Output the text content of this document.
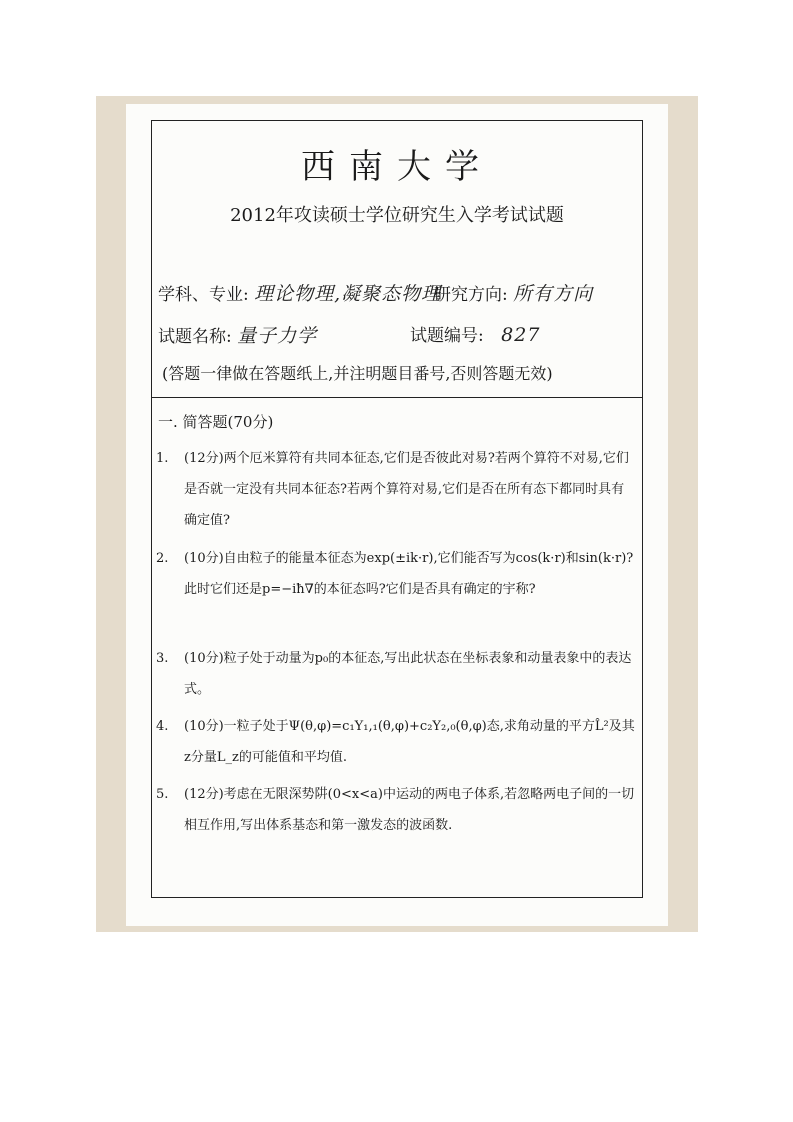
西南大学
2012年攻读硕士学位研究生入学考试试题
学科、专业: 理论物理,凝聚态物理
研究方向: 所有方向
试题名称: 量子力学	试题编号: 827
(答题一律做在答题纸上,并注明题目番号,否则答题无效)
一. 简答题(70分)
1. (12分)两个厄米算符有共同本征态,它们是否彼此对易?若两个算符不对易,它们是否就一定没有共同本征态?若两个算符对易,它们是否在所有态下都同时具有确定值?
2. (10分)自由粒子的能量本征态为exp(±ik·r),它们能否写为cos(k·r)和sin(k·r)?此时它们还是p=−iħ∇的本征态吗?它们是否具有确定的宇称?
3. (10分)粒子处于动量为p₀的本征态,写出此状态在坐标表象和动量表象中的表达式。
4. (10分)一粒子处于Ψ(θ,φ)=c₁Y₁,₁(θ,φ)+c₂Y₂,₀(θ,φ)态,求角动量的平方L̂²及其z分量L_z的可能值和平均值.
5. (12分)考虑在无限深势阱(0<x<a)中运动的两电子体系,若忽略两电子间的一切相互作用,写出体系基态和第一激发态的波函数.
